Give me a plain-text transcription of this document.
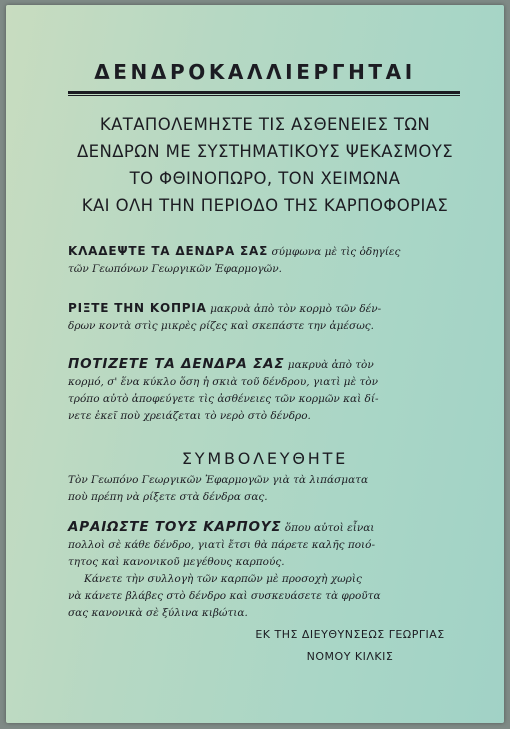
ΔΕΝΔΡΟΚΑΛΛΙΕΡΓΗΤΑΙ
ΚΑΤΑΠΟΛΕΜΗΣΤΕ ΤΙΣ ΑΣΘΕΝΕΙΕΣ ΤΩΝ
ΔΕΝΔΡΩΝ ΜΕ ΣΥΣΤΗΜΑΤΙΚΟΥΣ ΨΕΚΑΣΜΟΥΣ
ΤΟ ΦΘΙΝΟΠΩΡΟ, ΤΟΝ ΧΕΙΜΩΝΑ
ΚΑΙ ΟΛΗ ΤΗΝ ΠΕΡΙΟΔΟ ΤΗΣ ΚΑΡΠΟΦΟΡΙΑΣ
ΚΛΑΔΕΨΤΕ ΤΑ ΔΕΝΔΡΑ ΣΑΣ σύμφωνα μὲ τὶς ὁδηγίες
τῶν Γεωπόνων Γεωργικῶν Ἐφαρμογῶν.
ΡΙΞΤΕ ΤΗΝ ΚΟΠΡΙΑ μακρυὰ ἀπὸ τὸν κορμὸ τῶν δέν-
δρων κοντὰ στὶς μικρὲς ρίζες καὶ σκεπάστε την ἀμέσως.
ΠΟΤΙΖΕΤΕ ΤΑ ΔΕΝΔΡΑ ΣΑΣ μακρυὰ ἀπὸ τὸν
κορμό, σ' ἕνα κύκλο ὅση ἡ σκιὰ τοῦ δένδρου, γιατὶ μὲ τὸν
τρόπο αὐτὸ ἀποφεύγετε τὶς ἀσθένειες τῶν κορμῶν καὶ δί-
νετε ἐκεῖ ποὺ χρειάζεται τὸ νερὸ στὸ δένδρο.
ΣΥΜΒΟΛΕΥΘΗΤΕ
Τὸν Γεωπόνο Γεωργικῶν Ἐφαρμογῶν γιὰ τὰ λιπάσματα
ποὺ πρέπη νὰ ρίξετε στὰ δένδρα σας.
ΑΡΑΙΩΣΤΕ ΤΟΥΣ ΚΑΡΠΟΥΣ ὅπου αὐτοὶ εἶναι
πολλοὶ σὲ κάθε δένδρο, γιατὶ ἔτσι θὰ πάρετε καλῆς ποιό-
τητος καὶ κανονικοῦ μεγέθους καρπούς.
Κάνετε τὴν συλλογὴ τῶν καρπῶν μὲ προσοχὴ χωρὶς
νὰ κάνετε βλάβες στὸ δένδρο καὶ συσκευάσετε τὰ φροῦτα
σας κανονικὰ σὲ ξύλινα κιβώτια.
ΕΚ ΤΗΣ ΔΙΕΥΘΥΝΣΕΩΣ ΓΕΩΡΓΙΑΣ
ΝΟΜΟΥ ΚΙΛΚΙΣ
